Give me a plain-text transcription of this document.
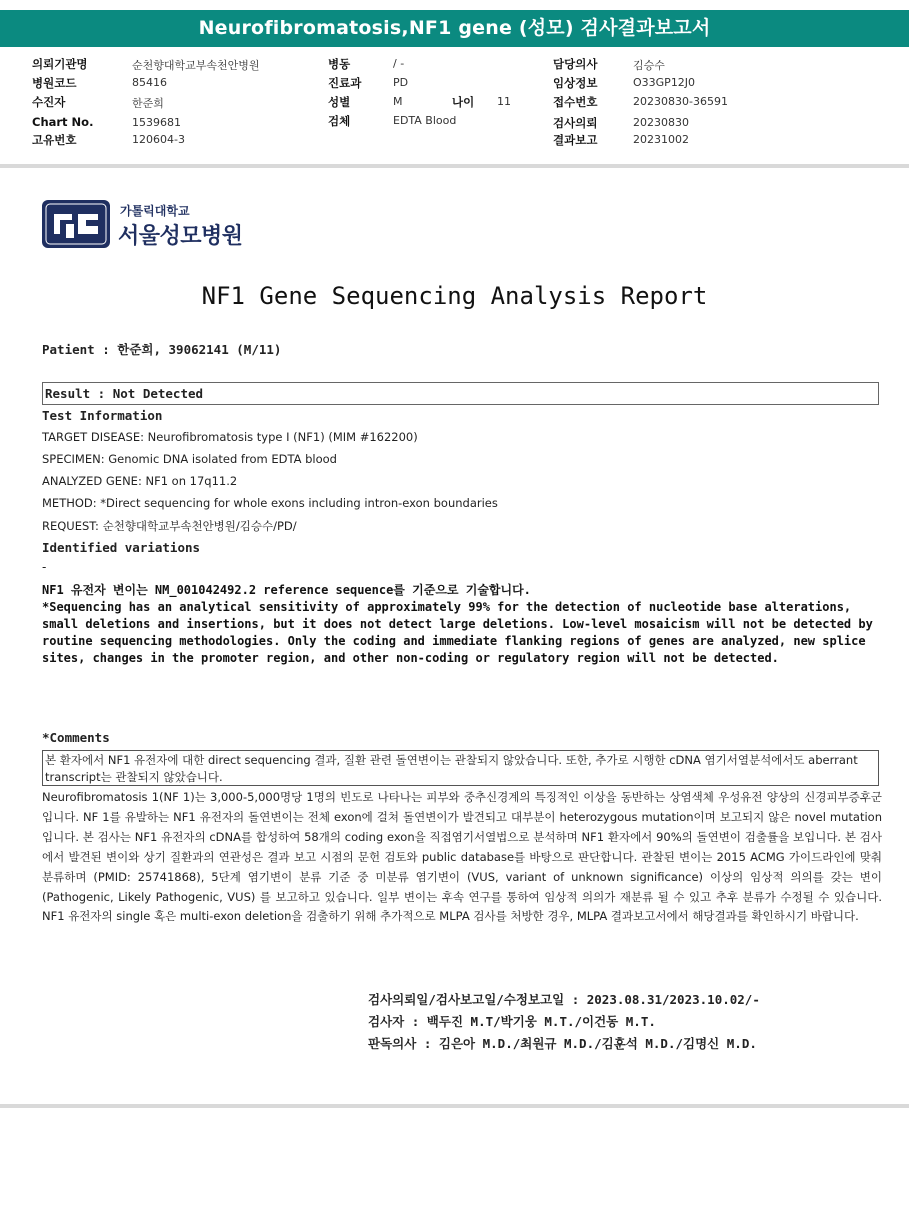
Neurofibromatosis,NF1 gene (성모) 검사결과보고서
의뢰기관명	순천향대학교부속천안병원
병원코드	85416
수진자	한준희
Chart No.	1539681
고유번호	120604-3
병동	/ -
진료과	PD
성별	M	나이 11
검체	EDTA Blood
담당의사	김승수
임상정보	O33GP12J0
접수번호	20230830-36591
검사의뢰	20230830
결과보고	20231002
가톨릭대학교
서울성모병원
NF1 Gene Sequencing Analysis Report
Patient : 한준희, 39062141 (M/11)
Result : Not Detected
Test Information
TARGET DISEASE: Neurofibromatosis type I (NF1) (MIM #162200)
SPECIMEN: Genomic DNA isolated from EDTA blood
ANALYZED GENE: NF1 on 17q11.2
METHOD: *Direct sequencing for whole exons including intron-exon boundaries
REQUEST: 순천향대학교부속천안병원/김승수/PD/
Identified variations
-
NF1 유전자 변이는 NM_001042492.2 reference sequence를 기준으로 기술합니다.
*Sequencing has an analytical sensitivity of approximately 99% for the detection of nucleotide base alterations, small deletions and insertions, but it does not detect large deletions. Low-level mosaicism will not be detected by routine sequencing methodologies. Only the coding and immediate flanking regions of genes are analyzed, new splice sites, changes in the promoter region, and other non-coding or regulatory region will not be detected.
*Comments
본 환자에서 NF1 유전자에 대한 direct sequencing 결과, 질환 관련 돌연변이는 관찰되지 않았습니다. 또한, 추가로 시행한 cDNA 염기서열분석에서도 aberrant transcript는 관찰되지 않았습니다.
Neurofibromatosis 1(NF 1)는 3,000-5,000명당 1명의 빈도로 나타나는 피부와 중추신경계의 특징적인 이상을 동반하는 상염색체 우성유전 양상의 신경피부증후군입니다. NF 1를 유발하는 NF1 유전자의 돌연변이는 전체 exon에 걸쳐 돌연변이가 발견되고 대부분이 heterozygous mutation이며 보고되지 않은 novel mutation입니다. 본 검사는 NF1 유전자의 cDNA를 합성하여 58개의 coding exon을 직접염기서열법으로 분석하며 NF1 환자에서 90%의 돌연변이 검출률을 보입니다. 본 검사에서 발견된 변이와 상기 질환과의 연관성은 결과 보고 시점의 문헌 검토와 public database를 바탕으로 판단합니다. 관찰된 변이는 2015 ACMG 가이드라인에 맞춰 분류하며 (PMID: 25741868), 5단계 염기변이 분류 기준 중 미분류 염기변이 (VUS, variant of unknown significance) 이상의 임상적 의의를 갖는 변이 (Pathogenic, Likely Pathogenic, VUS) 를 보고하고 있습니다. 일부 변이는 후속 연구를 통하여 임상적 의의가 재분류 될 수 있고 추후 분류가 수정될 수 있습니다. NF1 유전자의 single 혹은 multi-exon deletion을 검출하기 위해 추가적으로 MLPA 검사를 처방한 경우, MLPA 결과보고서에서 해당결과를 확인하시기 바랍니다.
검사의뢰일/검사보고일/수정보고일 : 2023.08.31/2023.10.02/-
검사자 : 백두진 M.T/박기웅 M.T./이건동 M.T.
판독의사 : 김은아 M.D./최원규 M.D./김훈석 M.D./김명신 M.D.
